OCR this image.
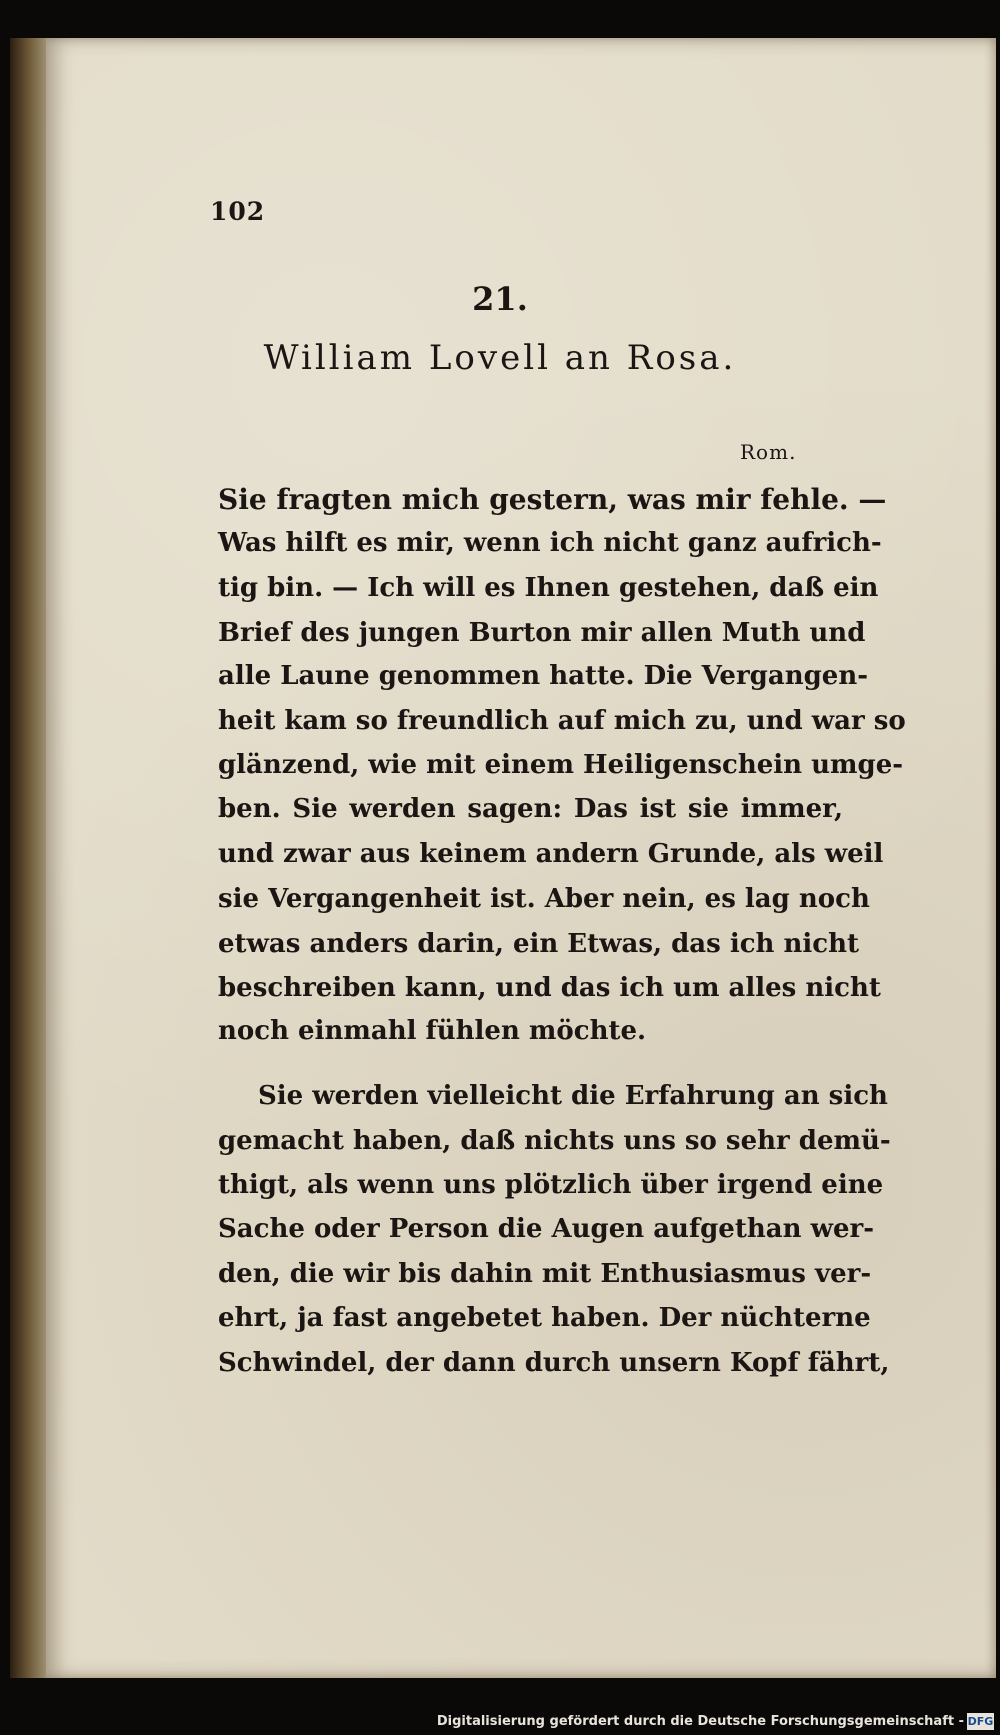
102
21.
William Lovell an Rosa.
Rom.
Sie fragten mich gestern, was mir fehle. —
Was hilft es mir, wenn ich nicht ganz aufrich-
tig bin. — Ich will es Ihnen gestehen, daß ein
Brief des jungen Burton mir allen Muth und
alle Laune genommen hatte. Die Vergangen-
heit kam so freundlich auf mich zu, und war so
glänzend, wie mit einem Heiligenschein umge-
ben. Sie werden sagen: Das ist sie immer,
und zwar aus keinem andern Grunde, als weil
sie Vergangenheit ist. Aber nein, es lag noch
etwas anders darin, ein Etwas, das ich nicht
beschreiben kann, und das ich um alles nicht
noch einmahl fühlen möchte.
Sie werden vielleicht die Erfahrung an sich
gemacht haben, daß nichts uns so sehr demü-
thigt, als wenn uns plötzlich über irgend eine
Sache oder Person die Augen aufgethan wer-
den, die wir bis dahin mit Enthusiasmus ver-
ehrt, ja fast angebetet haben. Der nüchterne
Schwindel, der dann durch unsern Kopf fährt,
Digitalisierung gefördert durch die Deutsche Forschungsgemeinschaft - DFG
